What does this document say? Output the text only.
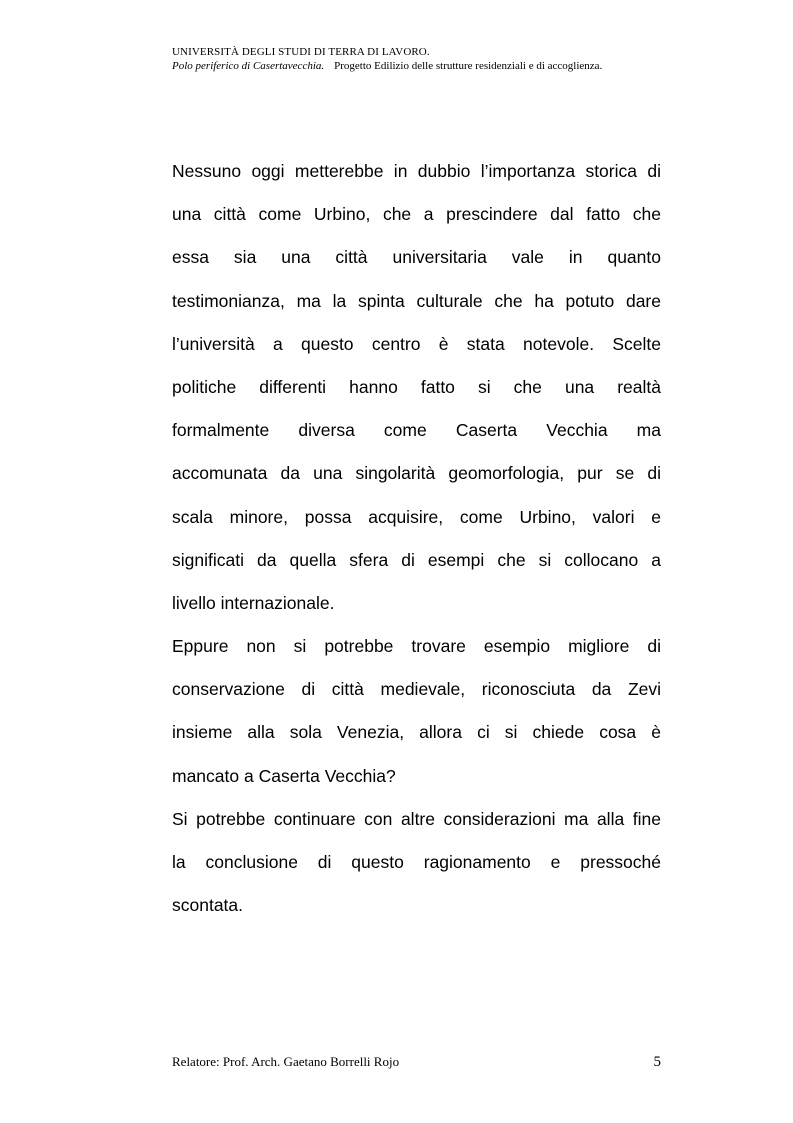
UNIVERSITÀ DEGLI STUDI DI TERRA DI LAVORO.
Polo periferico di Casertavecchia. Progetto Edilizio delle strutture residenziali e di accoglienza.
Nessuno oggi metterebbe in dubbio l’importanza storica di
una città come Urbino, che a prescindere dal fatto che
essa sia una città universitaria vale in quanto
testimonianza, ma la spinta culturale che ha potuto dare
l’università a questo centro è stata notevole. Scelte
politiche differenti hanno fatto si che una realtà
formalmente diversa come Caserta Vecchia ma
accomunata da una singolarità geomorfologia, pur se di
scala minore, possa acquisire, come Urbino, valori e
significati da quella sfera di esempi che si collocano a
livello internazionale.
Eppure non si potrebbe trovare esempio migliore di
conservazione di città medievale, riconosciuta da Zevi
insieme alla sola Venezia, allora ci si chiede cosa è
mancato a Caserta Vecchia?
Si potrebbe continuare con altre considerazioni ma alla fine
la conclusione di questo ragionamento e pressoché
scontata.
Relatore: Prof. Arch. Gaetano Borrelli Rojo	5
